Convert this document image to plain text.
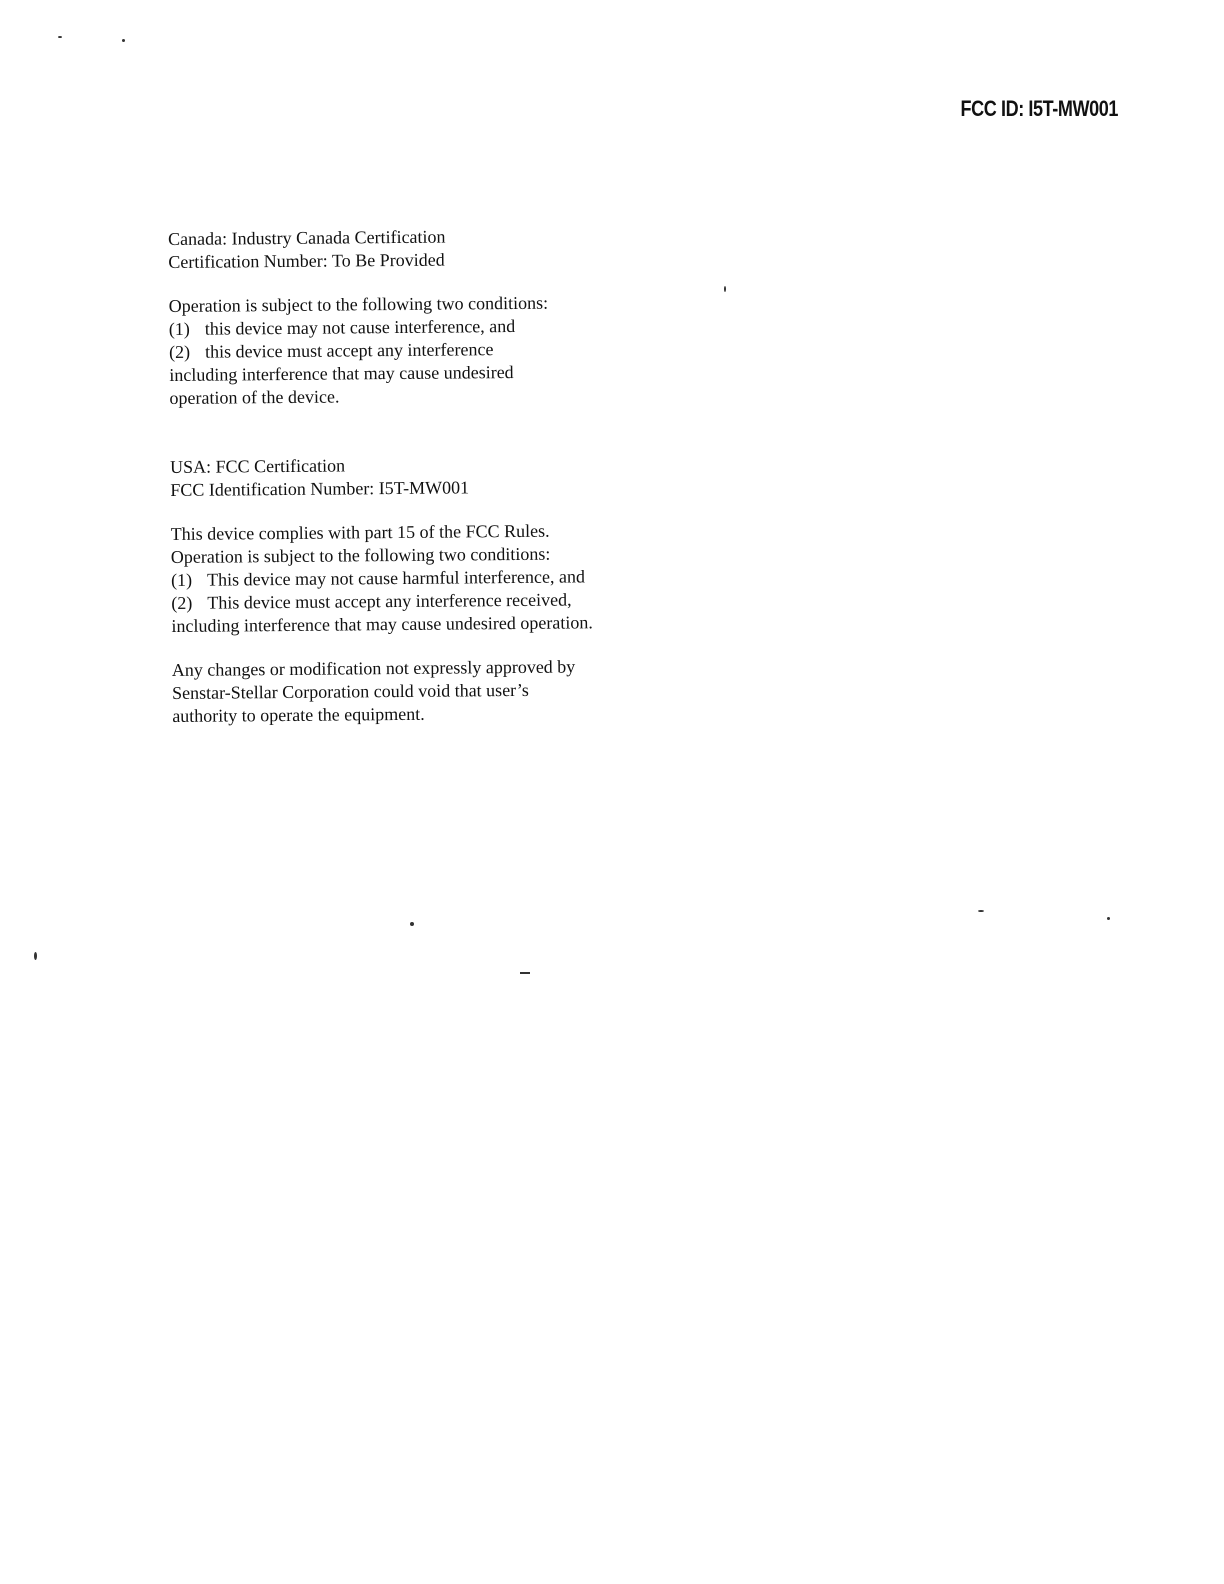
FCC ID: I5T-MW001
Canada: Industry Canada Certification
Certification Number: To Be Provided
Operation is subject to the following two conditions:
(1) this device may not cause interference, and
(2) this device must accept any interference
including interference that may cause undesired
operation of the device.
USA: FCC Certification
FCC Identification Number: I5T-MW001
This device complies with part 15 of the FCC Rules.
Operation is subject to the following two conditions:
(1) This device may not cause harmful interference, and
(2) This device must accept any interference received,
including interference that may cause undesired operation.
Any changes or modification not expressly approved by
Senstar-Stellar Corporation could void that user’s
authority to operate the equipment.
